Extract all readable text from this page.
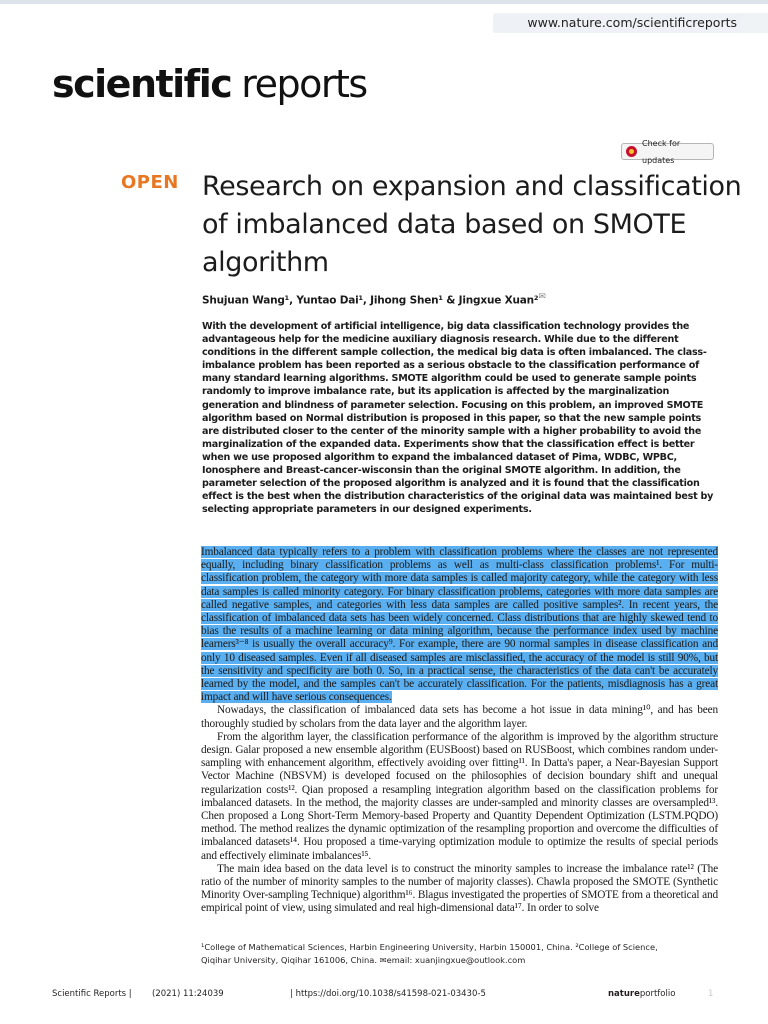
www.nature.com/scientificreports
scientific reports
Check for updates
OPEN Research on expansion and classification of imbalanced data based on SMOTE algorithm
Shujuan Wang¹, Yuntao Dai¹, Jihong Shen¹ & Jingxue Xuan²✉

With the development of artificial intelligence, big data classification technology provides the advantageous help for the medicine auxiliary diagnosis research. While due to the different conditions in the different sample collection, the medical big data is often imbalanced. The class-imbalance problem has been reported as a serious obstacle to the classification performance of many standard learning algorithms. SMOTE algorithm could be used to generate sample points randomly to improve imbalance rate, but its application is affected by the marginalization generation and blindness of parameter selection. Focusing on this problem, an improved SMOTE algorithm based on Normal distribution is proposed in this paper, so that the new sample points are distributed closer to the center of the minority sample with a higher probability to avoid the marginalization of the expanded data. Experiments show that the classification effect is better when we use proposed algorithm to expand the imbalanced dataset of Pima, WDBC, WPBC, Ionosphere and Breast-cancer-wisconsin than the original SMOTE algorithm. In addition, the parameter selection of the proposed algorithm is analyzed and it is found that the classification effect is the best when the distribution characteristics of the original data was maintained best by selecting appropriate parameters in our designed experiments.

Imbalanced data typically refers to a problem with classification problems where the classes are not represented equally, including binary classification problems as well as multi-class classification problems¹. For multi-classification problem, the category with more data samples is called majority category, while the category with less data samples is called minority category. For binary classification problems, categories with more data samples are called negative samples, and categories with less data samples are called positive samples². In recent years, the classification of imbalanced data sets has been widely concerned. Class distributions that are highly skewed tend to bias the results of a machine learning or data mining algorithm, because the performance index used by machine learners³⁻⁸ is usually the overall accuracy⁹. For example, there are 90 normal samples in disease classification and only 10 diseased samples. Even if all diseased samples are misclassified, the accuracy of the model is still 90%, but the sensitivity and specificity are both 0. So, in a practical sense, the characteristics of the data can't be accurately learned by the model, and the samples can't be accurately classification. For the patients, misdiagnosis has a great impact and will have serious consequences.

Nowadays, the classification of imbalanced data sets has become a hot issue in data mining¹⁰, and has been thoroughly studied by scholars from the data layer and the algorithm layer.

From the algorithm layer, the classification performance of the algorithm is improved by the algorithm structure design. Galar proposed a new ensemble algorithm (EUSBoost) based on RUSBoost, which combines random under-sampling with enhancement algorithm, effectively avoiding over fitting¹¹. In Datta's paper, a Near-Bayesian Support Vector Machine (NBSVM) is developed focused on the philosophies of decision boundary shift and unequal regularization costs¹². Qian proposed a resampling integration algorithm based on the classification problems for imbalanced datasets. In the method, the majority classes are under-sampled and minority classes are oversampled¹³. Chen proposed a Long Short-Term Memory-based Property and Quantity Dependent Optimization (LSTM.PQDO) method. The method realizes the dynamic optimization of the resampling proportion and overcome the difficulties of imbalanced datasets¹⁴. Hou proposed a time-varying optimization module to optimize the results of special periods and effectively eliminate imbalances¹⁵.

The main idea based on the data level is to construct the minority samples to increase the imbalance rate¹² (The ratio of the number of minority samples to the number of majority classes). Chawla proposed the SMOTE (Synthetic Minority Over-sampling Technique) algorithm¹⁶. Blagus investigated the properties of SMOTE from a theoretical and empirical point of view, using simulated and real high-dimensional data¹⁷. In order to solve

¹College of Mathematical Sciences, Harbin Engineering University, Harbin 150001, China. ²College of Science,
Qiqihar University, Qiqihar 161006, China. ✉email: xuanjingxue@outlook.com
Scientific Reports | (2021) 11:24039	| https://doi.org/10.1038/s41598-021-03430-5	natureportfolio	1
